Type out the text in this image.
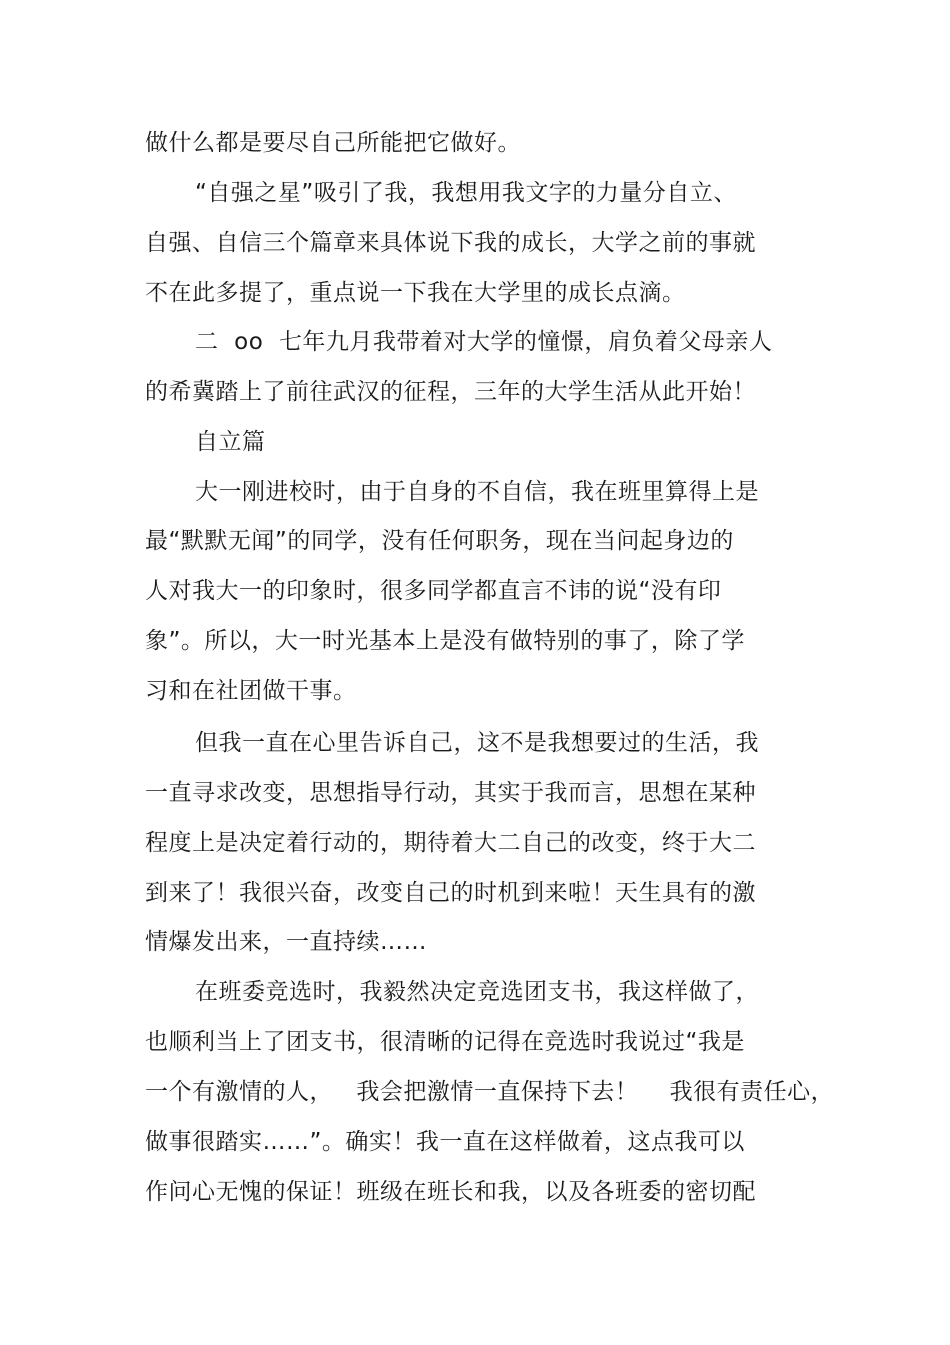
做什么都是要尽自己所能把它做好。
“自强之星”吸引了我，我想用我文字的力量分自立、
自强、自信三个篇章来具体说下我的成长，大学之前的事就
不在此多提了，重点说一下我在大学里的成长点滴。
二  oo  七年九月我带着对大学的憧憬，肩负着父母亲人
的希冀踏上了前往武汉的征程，三年的大学生活从此开始！
自立篇
大一刚进校时，由于自身的不自信，我在班里算得上是
最“默默无闻”的同学，没有任何职务，现在当问起身边的
人对我大一的印象时，很多同学都直言不讳的说“没有印
象”。所以，大一时光基本上是没有做特别的事了，除了学
习和在社团做干事。
但我一直在心里告诉自己，这不是我想要过的生活，我
一直寻求改变，思想指导行动，其实于我而言，思想在某种
程度上是决定着行动的，期待着大二自己的改变，终于大二
到来了！我很兴奋，改变自己的时机到来啦！天生具有的激
情爆发出来，一直持续……
在班委竞选时，我毅然决定竞选团支书，我这样做了，
也顺利当上了团支书，很清晰的记得在竞选时我说过“我是
一个有激情的人，   我会把激情一直保持下去！    我很有责任心，
做事很踏实……”。确实！我一直在这样做着，这点我可以
作问心无愧的保证！班级在班长和我，以及各班委的密切配
